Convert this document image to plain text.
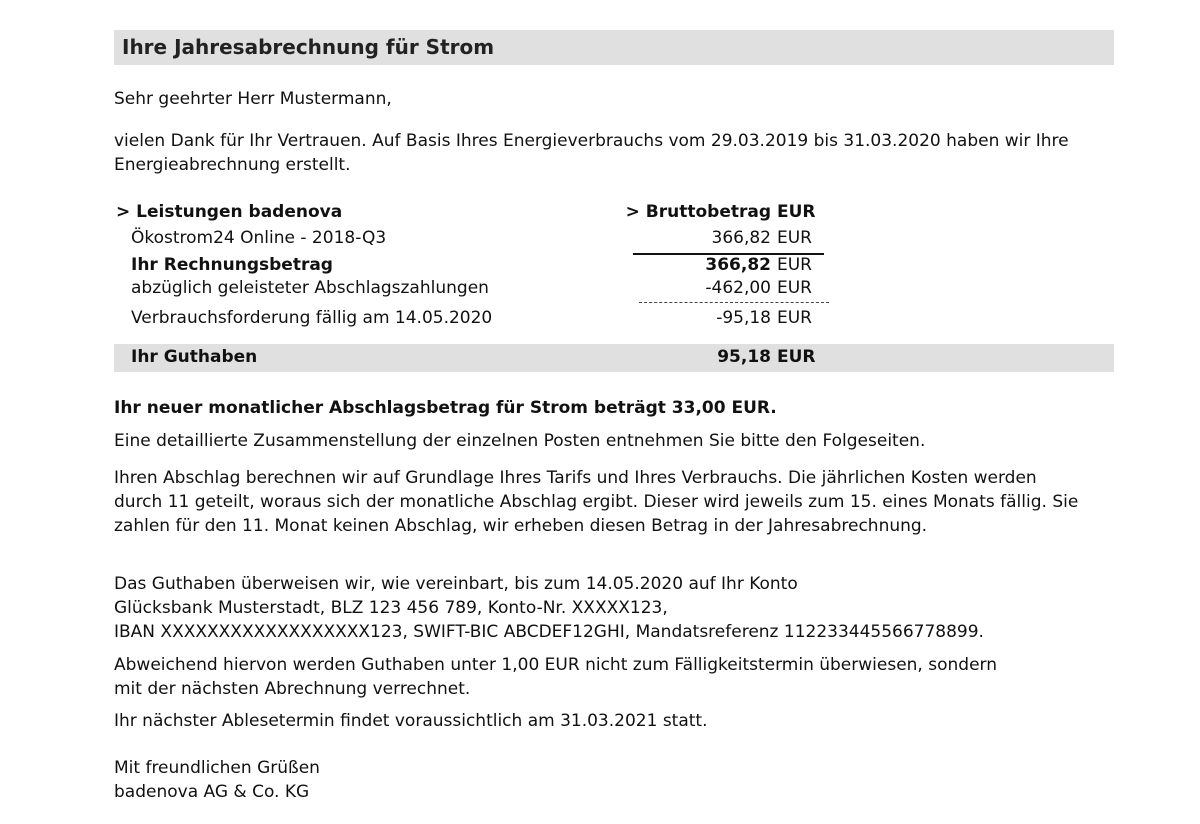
Ihre Jahresabrechnung für Strom
Sehr geehrter Herr Mustermann,
vielen Dank für Ihr Vertrauen. Auf Basis Ihres Energieverbrauchs vom 29.03.2019 bis 31.03.2020 haben wir Ihre
Energieabrechnung erstellt.
> Leistungen badenova	> Bruttobetrag EUR
Ökostrom24 Online - 2018-Q3	366,82 EUR
Ihr Rechnungsbetrag	366,82 EUR
abzüglich geleisteter Abschlagszahlungen	-462,00 EUR
Verbrauchsforderung fällig am 14.05.2020	-95,18 EUR
Ihr Guthaben	95,18 EUR
Ihr neuer monatlicher Abschlagsbetrag für Strom beträgt 33,00 EUR.
Eine detaillierte Zusammenstellung der einzelnen Posten entnehmen Sie bitte den Folgeseiten.
Ihren Abschlag berechnen wir auf Grundlage Ihres Tarifs und Ihres Verbrauchs. Die jährlichen Kosten werden
durch 11 geteilt, woraus sich der monatliche Abschlag ergibt. Dieser wird jeweils zum 15. eines Monats fällig. Sie
zahlen für den 11. Monat keinen Abschlag, wir erheben diesen Betrag in der Jahresabrechnung.
Das Guthaben überweisen wir, wie vereinbart, bis zum 14.05.2020 auf Ihr Konto
Glücksbank Musterstadt, BLZ 123 456 789, Konto-Nr. XXXXX123,
IBAN XXXXXXXXXXXXXXXXXX123, SWIFT-BIC ABCDEF12GHI, Mandatsreferenz 112233445566778899.
Abweichend hiervon werden Guthaben unter 1,00 EUR nicht zum Fälligkeitstermin überwiesen, sondern
mit der nächsten Abrechnung verrechnet.
Ihr nächster Ablesetermin findet voraussichtlich am 31.03.2021 statt.
Mit freundlichen Grüßen
badenova AG & Co. KG
